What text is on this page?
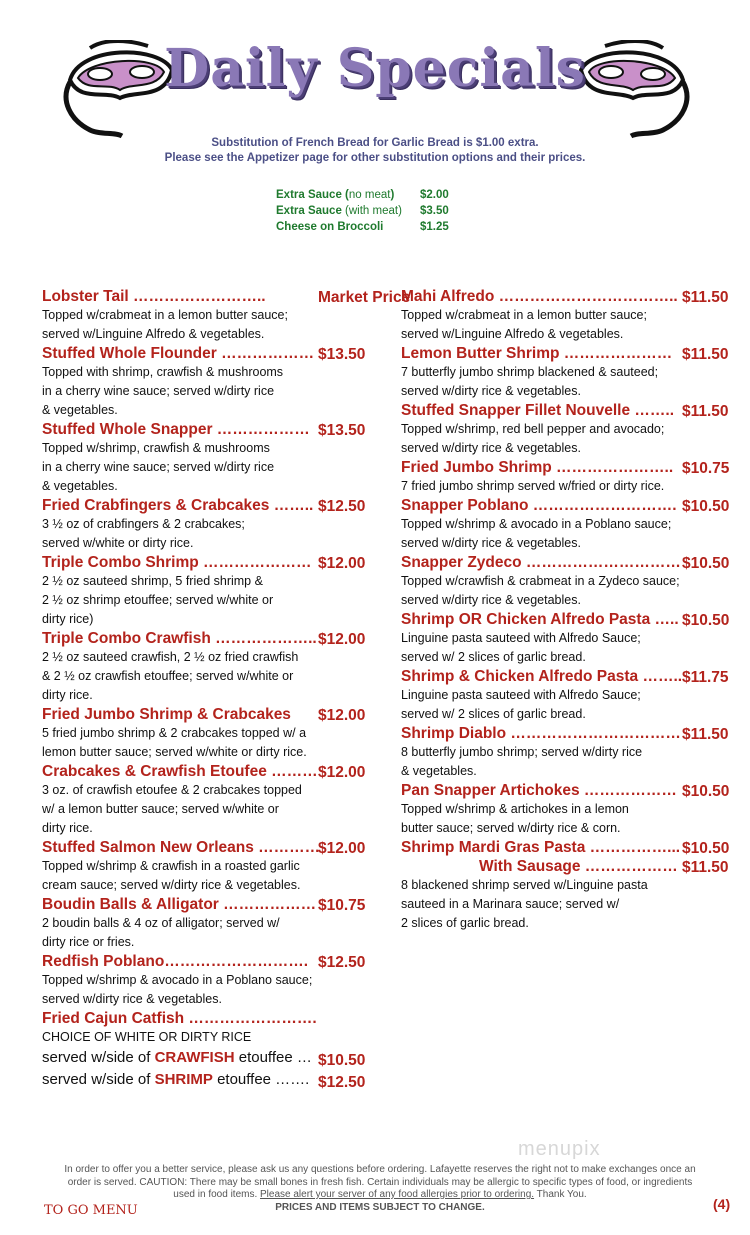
Daily Specials
Substitution of French Bread for Garlic Bread is $1.00 extra.
Please see the Appetizer page for other substitution options and their prices.
Extra Sauce (no meat) $2.00
Extra Sauce (with meat) $3.50
Cheese on Broccoli	$1.25
Lobster Tail ……………………..	Market Price
Topped w/crabmeat in a lemon butter sauce;
served w/Linguine Alfredo & vegetables.
Stuffed Whole Flounder ……………… $13.50
Topped with shrimp, crawfish & mushrooms
in a cherry wine sauce; served w/dirty rice
& vegetables.
Stuffed Whole Snapper ……………… $13.50
Topped w/shrimp, crawfish & mushrooms
in a cherry wine sauce; served w/dirty rice
& vegetables.
Fried Crabfingers & Crabcakes …….. $12.50
3 ½ oz of crabfingers & 2 crabcakes;
served w/white or dirty rice.
Triple Combo Shrimp ………………… $12.00
2 ½ oz sauteed shrimp, 5 fried shrimp &
2 ½ oz shrimp etouffee; served w/white or
dirty rice)
Triple Combo Crawfish ……………….. $12.00
2 ½ oz sauteed crawfish, 2 ½ oz fried crawfish
& 2 ½ oz crawfish etouffee; served w/white or
dirty rice.
Fried Jumbo Shrimp & Crabcakes	$12.00
5 fried jumbo shrimp & 2 crabcakes topped w/ a
lemon butter sauce; served w/white or dirty rice.
Crabcakes & Crawfish Etoufee ……… $12.00
3 oz. of crawfish etoufee & 2 crabcakes topped
w/ a lemon butter sauce; served w/white or
dirty rice.
Stuffed Salmon New Orleans …………
$12.00
Topped w/shrimp & crawfish in a roasted garlic
cream sauce; served w/dirty rice & vegetables.
Boudin Balls & Alligator ……………… $10.75
2 boudin balls & 4 oz of alligator; served w/
dirty rice or fries.
Redfish Poblano………………………. $12.50
Topped w/shrimp & avocado in a Poblano sauce;
served w/dirty rice & vegetables.
Fried Cajun Catfish …………………….
CHOICE OF WHITE OR DIRTY RICE
served w/side of CRAWFISH etouffee … $10.50
served w/side of SHRIMP etouffee ……. $12.50
Mahi Alfredo …………………………….. $11.50
Topped w/crabmeat in a lemon butter sauce;
served w/Linguine Alfredo & vegetables.
Lemon Butter Shrimp ………………… $11.50
7 butterfly jumbo shrimp blackened & sauteed;
served w/dirty rice & vegetables.
Stuffed Snapper Fillet Nouvelle …….. $11.50
Topped w/shrimp, red bell pepper and avocado;
served w/dirty rice & vegetables.
Fried Jumbo Shrimp ………………….. $10.75
7 fried jumbo shrimp served w/fried or dirty rice.
Snapper Poblano ………………………. $10.50
Topped w/shrimp & avocado in a Poblano sauce;
served w/dirty rice & vegetables.
Snapper Zydeco ………………………… $10.50
Topped w/crawfish & crabmeat in a Zydeco sauce;
served w/dirty rice & vegetables.
Shrimp OR Chicken Alfredo Pasta ….. $10.50
Linguine pasta sauteed with Alfredo Sauce;
served w/ 2 slices of garlic bread.
Shrimp & Chicken Alfredo Pasta …….. $11.75
Linguine pasta sauteed with Alfredo Sauce;
served w/ 2 slices of garlic bread.
Shrimp Diablo …………………………… $11.50
8 butterfly jumbo shrimp; served w/dirty rice
& vegetables.
Pan Snapper Artichokes ……………… $10.50
Topped w/shrimp & artichokes in a lemon
butter sauce; served w/dirty rice & corn.
Shrimp Mardi Gras Pasta ……………... $10.50
With Sausage ……………… $11.50
8 blackened shrimp served w/Linguine pasta
sauteed in a Marinara sauce; served w/
2 slices of garlic bread.
menupix
In order to offer you a better service, please ask us any questions before ordering. Lafayette reserves the right not to make exchanges once an
order is served. CAUTION: There may be small bones in fresh fish. Certain individuals may be allergic to specific types of food, or ingredients
used in food items. Please alert your server of any food allergies prior to ordering. Thank You.
PRICES AND ITEMS SUBJECT TO CHANGE.
TO GO MENU	(4)
